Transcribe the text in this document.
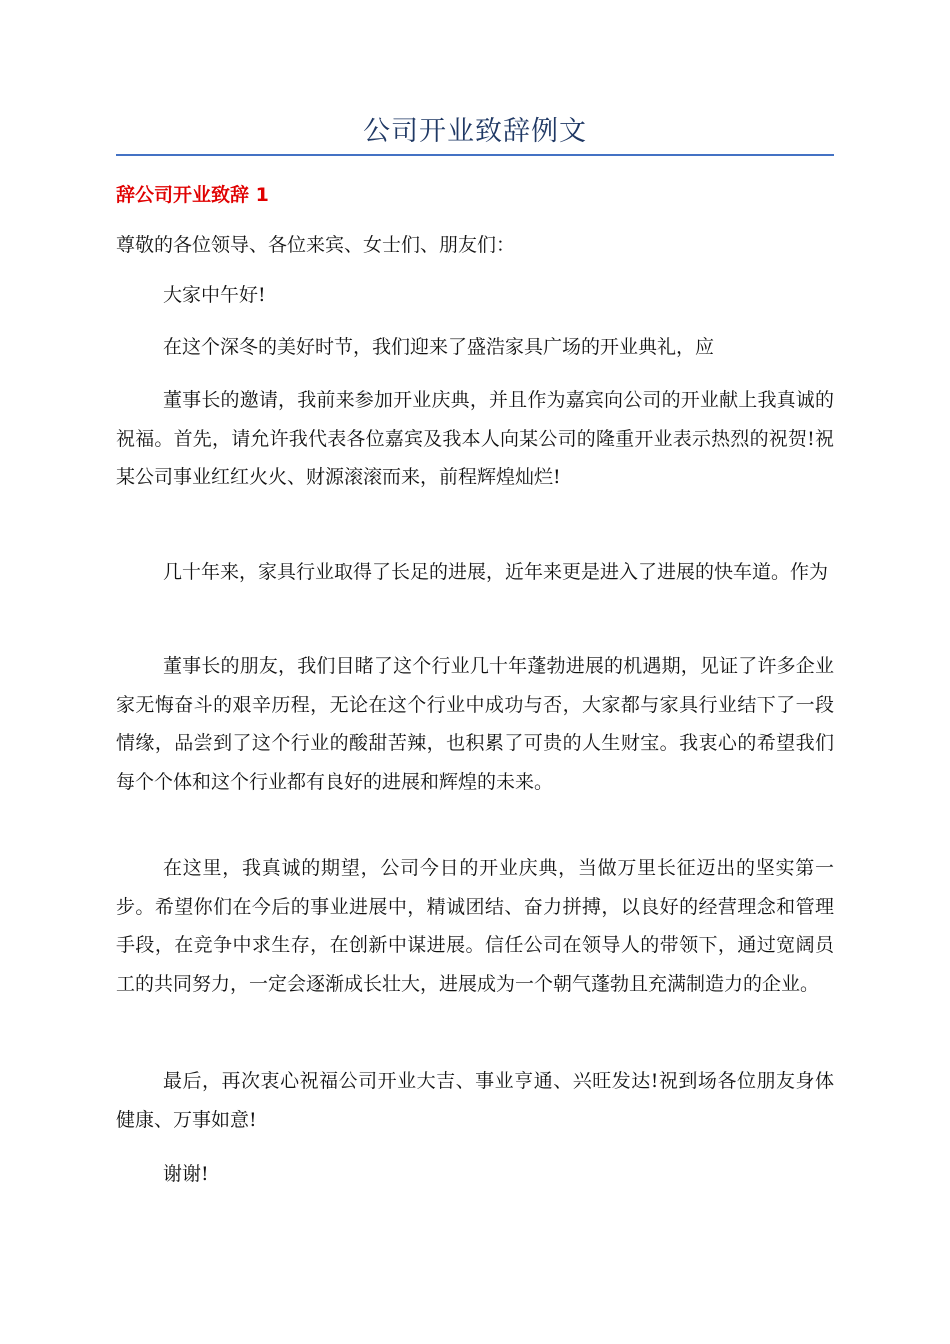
公司开业致辞例文
辞公司开业致辞 1

尊敬的各位领导、各位来宾、女士们、朋友们：

大家中午好!

在这个深冬的美好时节，我们迎来了盛浩家具广场的开业典礼，应

董事长的邀请，我前来参加开业庆典，并且作为嘉宾向公司的开业献上我真诚的祝福。首先，请允许我代表各位嘉宾及我本人向某公司的隆重开业表示热烈的祝贺!祝某公司事业红红火火、财源滚滚而来，前程辉煌灿烂!

几十年来，家具行业取得了长足的进展，近年来更是进入了进展的快车道。作为

董事长的朋友，我们目睹了这个行业几十年蓬勃进展的机遇期，见证了许多企业家无悔奋斗的艰辛历程，无论在这个行业中成功与否，大家都与家具行业结下了一段情缘，品尝到了这个行业的酸甜苦辣，也积累了可贵的人生财宝。我衷心的希望我们每个个体和这个行业都有良好的进展和辉煌的未来。

在这里，我真诚的期望，公司今日的开业庆典，当做万里长征迈出的坚实第一步。希望你们在今后的事业进展中，精诚团结、奋力拼搏，以良好的经营理念和管理手段，在竞争中求生存，在创新中谋进展。信任公司在领导人的带领下，通过宽阔员工的共同努力，一定会逐渐成长壮大，进展成为一个朝气蓬勃且充满制造力的企业。

最后，再次衷心祝福公司开业大吉、事业亨通、兴旺发达!祝到场各位朋友身体健康、万事如意!

谢谢!
